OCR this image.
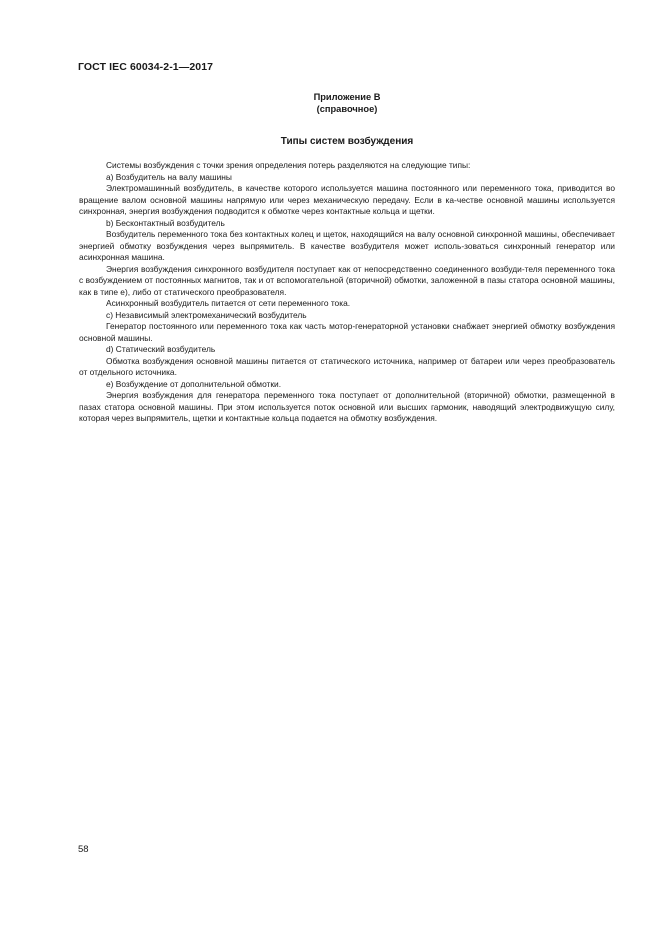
ГОСТ IEC 60034-2-1—2017
Приложение В
(справочное)
Типы систем возбуждения

Системы возбуждения с точки зрения определения потерь разделяются на следующие типы:

а) Возбудитель на валу машины

Электромашинный возбудитель, в качестве которого используется машина постоянного или переменного тока, приводится во вращение валом основной машины напрямую или через механическую передачу. Если в ка-честве основной машины используется синхронная, энергия возбуждения подводится к обмотке через контактные кольца и щетки.

b) Бесконтактный возбудитель

Возбудитель переменного тока без контактных колец и щеток, находящийся на валу основной синхронной машины, обеспечивает энергией обмотку возбуждения через выпрямитель. В качестве возбудителя может исполь-зоваться синхронный генератор или асинхронная машина.

Энергия возбуждения синхронного возбудителя поступает как от непосредственно соединенного возбуди-теля переменного тока с возбуждением от постоянных магнитов, так и от вспомогательной (вторичной) обмотки, заложенной в пазы статора основной машины, как в типе е), либо от статического преобразователя.

Асинхронный возбудитель питается от сети переменного тока.

с) Независимый электромеханический возбудитель

Генератор постоянного или переменного тока как часть мотор-генераторной установки снабжает энергией обмотку возбуждения основной машины.

d) Статический возбудитель

Обмотка возбуждения основной машины питается от статического источника, например от батареи или через преобразователь от отдельного источника.

е) Возбуждение от дополнительной обмотки.

Энергия возбуждения для генератора переменного тока поступает от дополнительной (вторичной) обмотки, размещенной в пазах статора основной машины. При этом используется поток основной или высших гармоник, наводящий электродвижущую силу, которая через выпрямитель, щетки и контактные кольца подается на обмотку возбуждения.

58
